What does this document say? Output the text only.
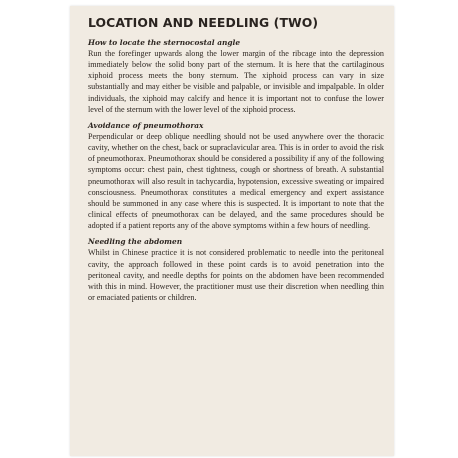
LOCATION AND NEEDLING (TWO)

How to locate the sternocostal angle

Run the forefinger upwards along the lower margin of the ribcage into the depression immediately below the solid bony part of the sternum. It is here that the cartilaginous xiphoid process meets the bony sternum. The xiphoid process can vary in size substantially and may either be visible and palpable, or invisible and impalpable. In older individuals, the xiphoid may calcify and hence it is important not to confuse the lower level of the sternum with the lower level of the xiphoid process.

Avoidance of pneumothorax

Perpendicular or deep oblique needling should not be used anywhere over the thoracic cavity, whether on the chest, back or supraclavicular area. This is in order to avoid the risk of pneumothorax. Pneumothorax should be considered a possibility if any of the following symptoms occur: chest pain, chest tightness, cough or shortness of breath. A substantial pneumothorax will also result in tachycardia, hypotension, excessive sweating or impaired consciousness. Pneumothorax constitutes a medical emergency and expert assistance should be summoned in any case where this is suspected. It is important to note that the clinical effects of pneumothorax can be delayed, and the same procedures should be adopted if a patient reports any of the above symptoms within a few hours of needling.

Needling the abdomen

Whilst in Chinese practice it is not considered problematic to needle into the peritoneal cavity, the approach followed in these point cards is to avoid penetration into the peritoneal cavity, and needle depths for points on the abdomen have been recommended with this in mind. However, the practitioner must use their discretion when needling thin or emaciated patients or children.
